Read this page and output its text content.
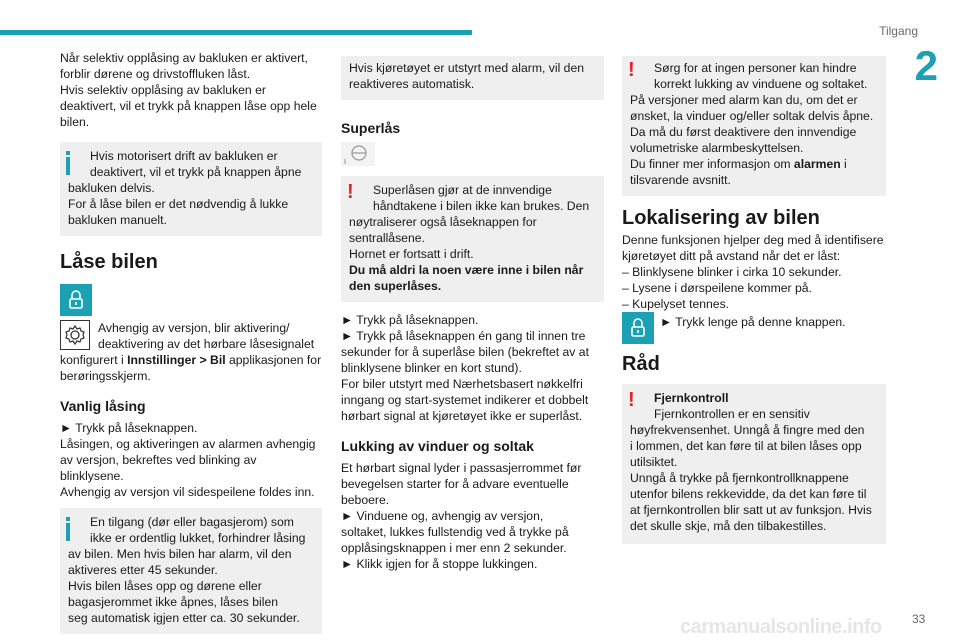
Tilgang
2

Når selektiv opplåsing av bakluken er aktivert,

forblir dørene og drivstoffluken låst.

Hvis selektiv opplåsing av bakluken er

deaktivert, vil et trykk på knappen låse opp hele

bilen.

Hvis motorisert drift av bakluken er

deaktivert, vil et trykk på knappen åpne

bakluken delvis.

For å låse bilen er det nødvendig å lukke

bakluken manuelt.

Låse bilen

Avhengig av versjon, blir aktivering/

deaktivering av det hørbare låsesignalet

konfigurert i Innstillinger > Bil applikasjonen for

berøringsskjerm.

Vanlig låsing

► Trykk på låseknappen.

Låsingen, og aktiveringen av alarmen avhengig

av versjon, bekreftes ved blinking av blinklysene.

Avhengig av versjon vil sidespeilene foldes inn.

En tilgang (dør eller bagasjerom) som

ikke er ordentlig lukket, forhindrer låsing

av bilen. Men hvis bilen har alarm, vil den

aktiveres etter 45 sekunder.

Hvis bilen låses opp og dørene eller

bagasjerommet ikke åpnes, låses bilen

seg automatisk igjen etter ca. 30 sekunder.

Hvis kjøretøyet er utstyrt med alarm, vil den

reaktiveres automatisk.

Superlås
!	Superlåsen gjør at de innvendige

håndtakene i bilen ikke kan brukes. Den

nøytraliserer også låseknappen for

sentrallåsene.

Hornet er fortsatt i drift.

Du må aldri la noen være inne i bilen når

den superlåses.

► Trykk på låseknappen.

► Trykk på låseknappen én gang til innen tre

sekunder for å superlåse bilen (bekreftet av at

blinklysene blinker en kort stund).

For biler utstyrt med Nærhetsbasert nøkkelfri

inngang og start-systemet indikerer et dobbelt

hørbart signal at kjøretøyet ikke er superlåst.

Lukking av vinduer og soltak

Et hørbart signal lyder i passasjerrommet før

bevegelsen starter for å advare eventuelle

beboere.

► Vinduene og, avhengig av versjon,

soltaket, lukkes fullstendig ved å trykke på

opplåsingsknappen i mer enn 2 sekunder.

► Klikk igjen for å stoppe lukkingen.

!	Sørg for at ingen personer kan hindre

korrekt lukking av vinduene og soltaket.

På versjoner med alarm kan du, om det er

ønsket, la vinduer og/eller soltak delvis åpne.

Da må du først deaktivere den innvendige

volumetriske alarmbeskyttelsen.

Du finner mer informasjon om alarmen i

tilsvarende avsnitt.

Lokalisering av bilen

Denne funksjonen hjelper deg med å identifisere

kjøretøyet ditt på avstand når det er låst:

– Blinklysene blinker i cirka 10 sekunder.

– Lysene i dørspeilene kommer på.

– Kupelyset tennes.

► Trykk lenge på denne knappen.

Råd
!	Fjernkontroll

Fjernkontrollen er en sensitiv

høyfrekvensenhet. Unngå å fingre med den

i lommen, det kan føre til at bilen låses opp

utilsiktet.

Unngå å trykke på fjernkontrollknappene

utenfor bilens rekkevidde, da det kan føre til

at fjernkontrollen blir satt ut av funksjon. Hvis

det skulle skje, må den tilbakestilles.

carmanualsonline.info	33
